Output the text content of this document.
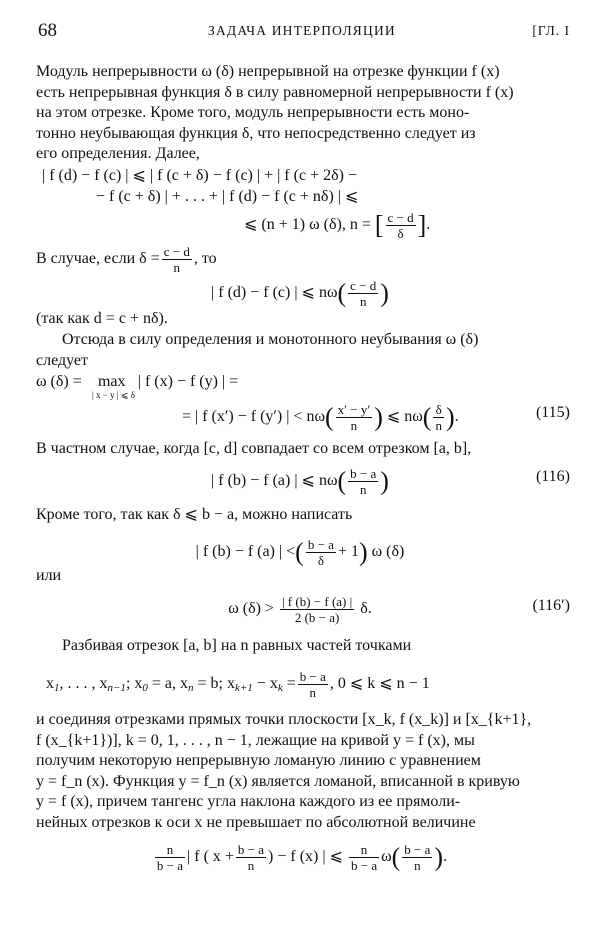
68	ЗАДАЧА ИНТЕРПОЛЯЦИИ	[ГЛ. I
Модуль непрерывности ω (δ) непрерывной на отрезке функции f (x)
есть непрерывная функция δ в силу равномерной непрерывности f (x)
на этом отрезке. Кроме того, модуль непрерывности есть моно-
тонно неубывающая функция δ, что непосредственно следует из
его определения. Далее,
| f (d) − f (c) | ⩽ | f (c + δ) − f (c) | + | f (c + 2δ) −
− f (c + δ) | + . . . + | f (d) − f (c + nδ) | ⩽
⩽ (n + 1) ω (δ), n = [ $\frac{c - d}{\delta}$ ].
В случае, если $\delta = \frac{c - d}{n}$ , то
| f (d) − f (c) | ⩽ $n\omega( \frac{c - d}{n}$ )
(так как d = c + nδ).
Отсюда в силу определения и монотонного неубывания ω (δ)
следует
ω (δ) = max | f (x) − f (y) | =
| x − y | ⩽ δ
= | f (x′) − f (y′) | < $n\omega( \frac{x' - y'}{n}$ ) ⩽ $n\omega( \frac{\delta}{n}$ ).	(115)
В частном случае, когда [c, d] совпадает со всем отрезком [a, b],
| f (b) − f (a) | ⩽ $n\omega( \frac{b - a}{n}$ )	(116)
Кроме того, так как δ ⩽ b − a, можно написать
| f (b) − f (a) | <( $\frac{b - a}{\delta} + 1$) ω (δ)
или
ω $(\delta) > \frac{| f (b) - f (a) |}{2 (b - a)} \delta$.	(116′)
Разбивая отрезок [a, b] на n равных частей точками
$x_1$, . . . , $x_{n-1}$; $x_0 = a$, $x_n = b$; $x_{k+1} - x_k = \frac{b - a}{n}$ , 0 ⩽ k ⩽ n − 1
и соединяя отрезками прямых точки плоскости [x_k, f (x_k)] и [x_{k+1},
f (x_{k+1})], k = 0, 1, . . . , n − 1, лежащие на кривой y = f (x), мы
получим некоторую непрерывную ломаную линию с уравнением
y = f_n (x). Функция y = f_n (x) является ломаной, вписанной в кривую
y = f (x), причем тангенс угла наклона каждого из ее прямоли-
нейных отрезков к оси x не превышает по абсолютной величине
$\frac{n}{b - a}$ | f ( $x + \frac{b - a}{n}$ ) − f (x) | ⩽ $\frac{n}{b - a} \omega( \frac{b - a}{n}$ ).
